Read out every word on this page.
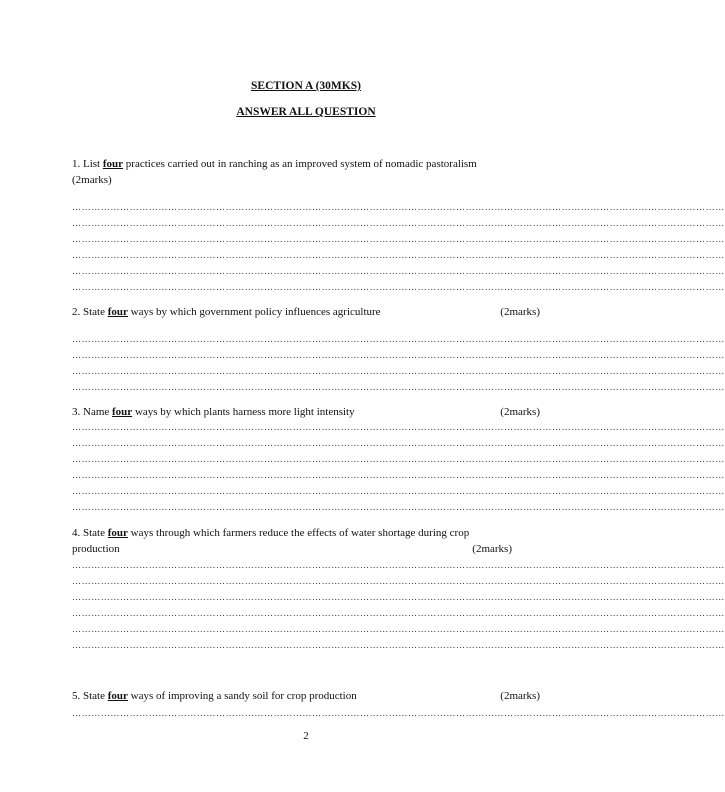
SECTION A (30MKS)
ANSWER ALL QUESTION
1. List four practices carried out in ranching as an improved system of nomadic pastoralism
(2marks)
……………………………………………………………………………………………………………………………………………………………………………………
……………………………………………………………………………………………………………………………………………………………………………………
……………………………………………………………………………………………………………………………………………………………………………………
……………………………………………………………………………………………………………………………………………………………………………………
……………………………………………………………………………………………………………………………………………………………………………………
……………………………………………………………………………………………………………………………………………………………………………………
2. State four ways by which government policy influences agriculture	(2marks)
……………………………………………………………………………………………………………………………………………………………………………………
……………………………………………………………………………………………………………………………………………………………………………………
……………………………………………………………………………………………………………………………………………………………………………………
……………………………………………………………………………………………………………………………………………………………………………………
3. Name four ways by which plants harness more light intensity	(2marks)
……………………………………………………………………………………………………………………………………………………………………………………
……………………………………………………………………………………………………………………………………………………………………………………
……………………………………………………………………………………………………………………………………………………………………………………
……………………………………………………………………………………………………………………………………………………………………………………
……………………………………………………………………………………………………………………………………………………………………………………
……………………………………………………………………………………………………………………………………………………………………………………
4. State four ways through which farmers reduce the effects of water shortage during crop
production	(2marks)
……………………………………………………………………………………………………………………………………………………………………………………
……………………………………………………………………………………………………………………………………………………………………………………
……………………………………………………………………………………………………………………………………………………………………………………
……………………………………………………………………………………………………………………………………………………………………………………
……………………………………………………………………………………………………………………………………………………………………………………
……………………………………………………………………………………………………………………………………………………………………………………
5. State four ways of improving a sandy soil for crop production	(2marks)
……………………………………………………………………………………………………………………………………………………………………………………
2
